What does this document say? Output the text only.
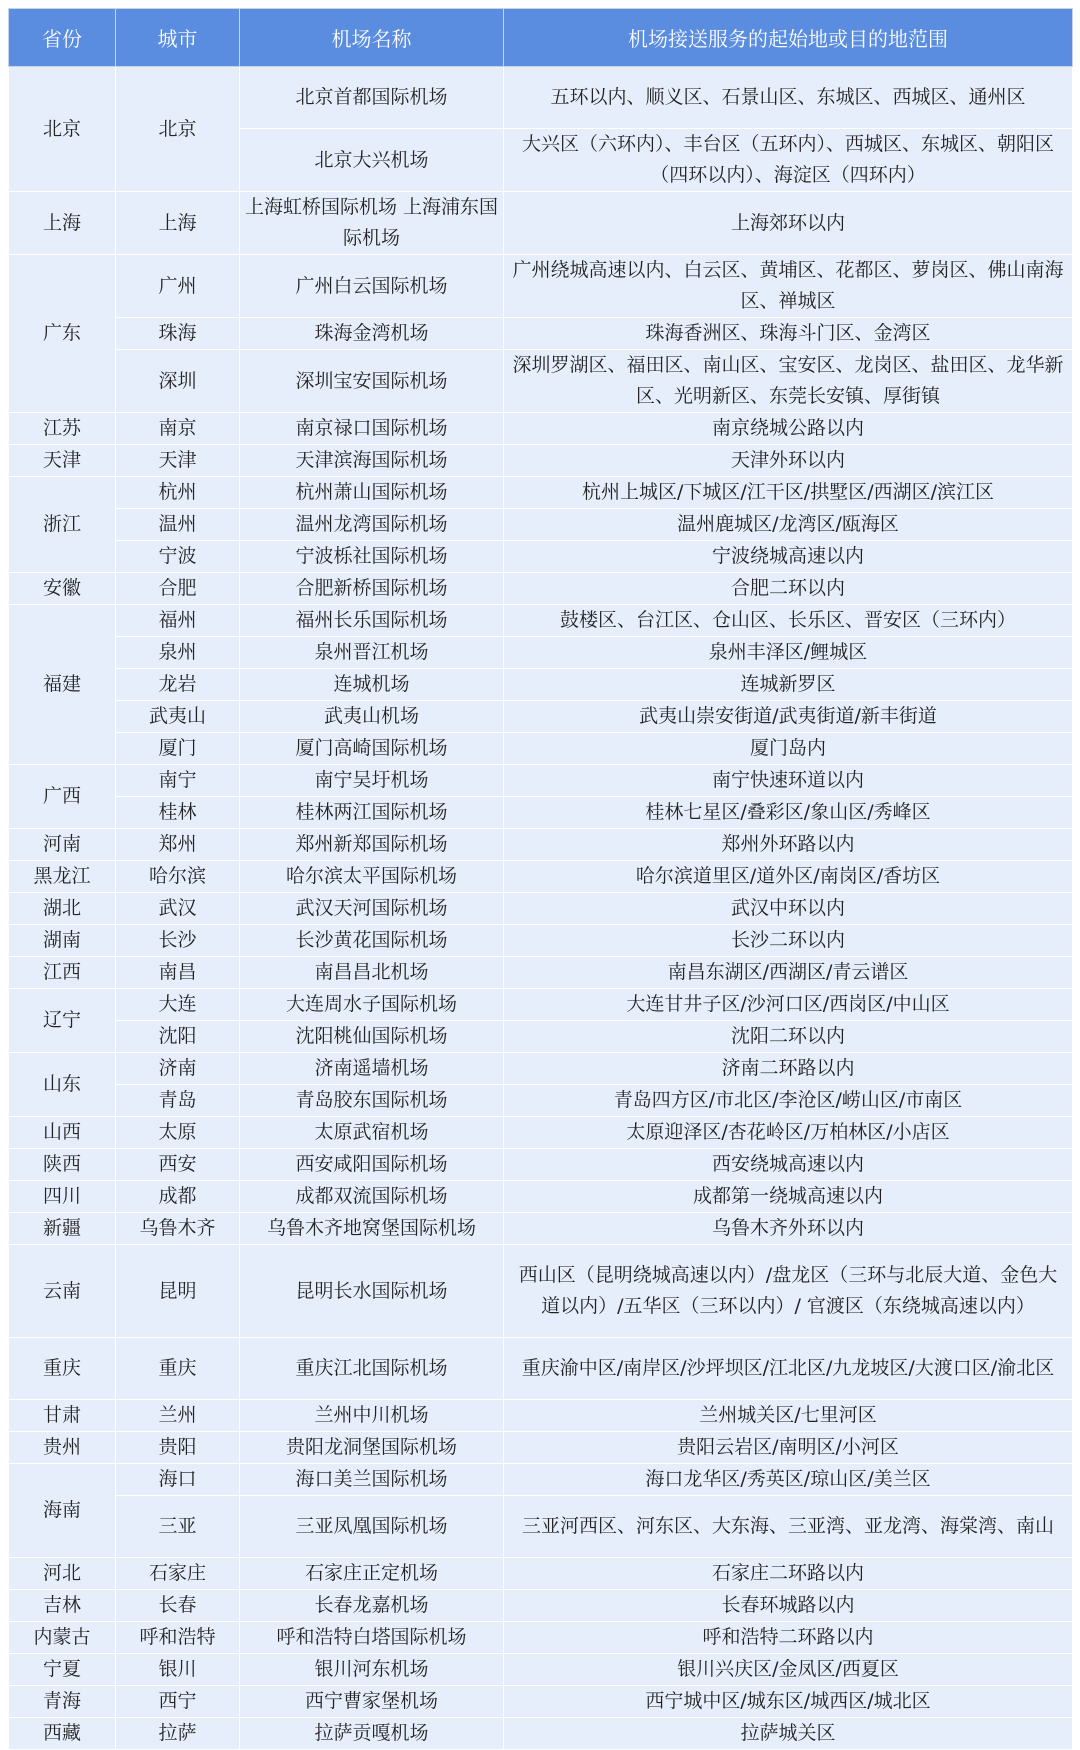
省份	城市	机场名称	机场接送服务的起始地或目的地范围
北京	北京	北京首都国际机场	五环以内、顺义区、石景山区、东城区、西城区、通州区
		北京大兴机场	大兴区（六环内）、丰台区（五环内）、西城区、东城区、朝阳区（四环以内）、海淀区（四环内）
上海	上海	上海虹桥国际机场 上海浦东国际机场	上海郊环以内
广东	广州	广州白云国际机场	广州绕城高速以内、白云区、黄埔区、花都区、萝岗区、佛山南海区、禅城区
	珠海	珠海金湾机场	珠海香洲区、珠海斗门区、金湾区
	深圳	深圳宝安国际机场	深圳罗湖区、福田区、南山区、宝安区、龙岗区、盐田区、龙华新区、光明新区、东莞长安镇、厚街镇
江苏	南京	南京禄口国际机场	南京绕城公路以内
天津	天津	天津滨海国际机场	天津外环以内
浙江	杭州	杭州萧山国际机场	杭州上城区/下城区/江干区/拱墅区/西湖区/滨江区
	温州	温州龙湾国际机场	温州鹿城区/龙湾区/瓯海区
	宁波	宁波栎社国际机场	宁波绕城高速以内
安徽	合肥	合肥新桥国际机场	合肥二环以内
福建	福州	福州长乐国际机场	鼓楼区、台江区、仓山区、长乐区、晋安区（三环内）
	泉州	泉州晋江机场	泉州丰泽区/鲤城区
	龙岩	连城机场	连城新罗区
	武夷山	武夷山机场	武夷山崇安街道/武夷街道/新丰街道
	厦门	厦门高崎国际机场	厦门岛内
广西	南宁	南宁吴圩机场	南宁快速环道以内
	桂林	桂林两江国际机场	桂林七星区/叠彩区/象山区/秀峰区
河南	郑州	郑州新郑国际机场	郑州外环路以内
黑龙江	哈尔滨	哈尔滨太平国际机场	哈尔滨道里区/道外区/南岗区/香坊区
湖北	武汉	武汉天河国际机场	武汉中环以内
湖南	长沙	长沙黄花国际机场	长沙二环以内
江西	南昌	南昌昌北机场	南昌东湖区/西湖区/青云谱区
辽宁	大连	大连周水子国际机场	大连甘井子区/沙河口区/西岗区/中山区
	沈阳	沈阳桃仙国际机场	沈阳二环以内
山东	济南	济南遥墙机场	济南二环路以内
	青岛	青岛胶东国际机场	青岛四方区/市北区/李沧区/崂山区/市南区
山西	太原	太原武宿机场	太原迎泽区/杏花岭区/万柏林区/小店区
陕西	西安	西安咸阳国际机场	西安绕城高速以内
四川	成都	成都双流国际机场	成都第一绕城高速以内
新疆	乌鲁木齐	乌鲁木齐地窝堡国际机场	乌鲁木齐外环以内
云南	昆明	昆明长水国际机场	西山区（昆明绕城高速以内）/盘龙区（三环与北辰大道、金色大道以内）/五华区（三环以内）/ 官渡区（东绕城高速以内）
重庆	重庆	重庆江北国际机场	重庆渝中区/南岸区/沙坪坝区/江北区/九龙坡区/大渡口区/渝北区
甘肃	兰州	兰州中川机场	兰州城关区/七里河区
贵州	贵阳	贵阳龙洞堡国际机场	贵阳云岩区/南明区/小河区
海南	海口	海口美兰国际机场	海口龙华区/秀英区/琼山区/美兰区
	三亚	三亚凤凰国际机场	三亚河西区、河东区、大东海、三亚湾、亚龙湾、海棠湾、南山
河北	石家庄	石家庄正定机场	石家庄二环路以内
吉林	长春	长春龙嘉机场	长春环城路以内
内蒙古	呼和浩特	呼和浩特白塔国际机场	呼和浩特二环路以内
宁夏	银川	银川河东机场	银川兴庆区/金凤区/西夏区
青海	西宁	西宁曹家堡机场	西宁城中区/城东区/城西区/城北区
西藏	拉萨	拉萨贡嘎机场	拉萨城关区
